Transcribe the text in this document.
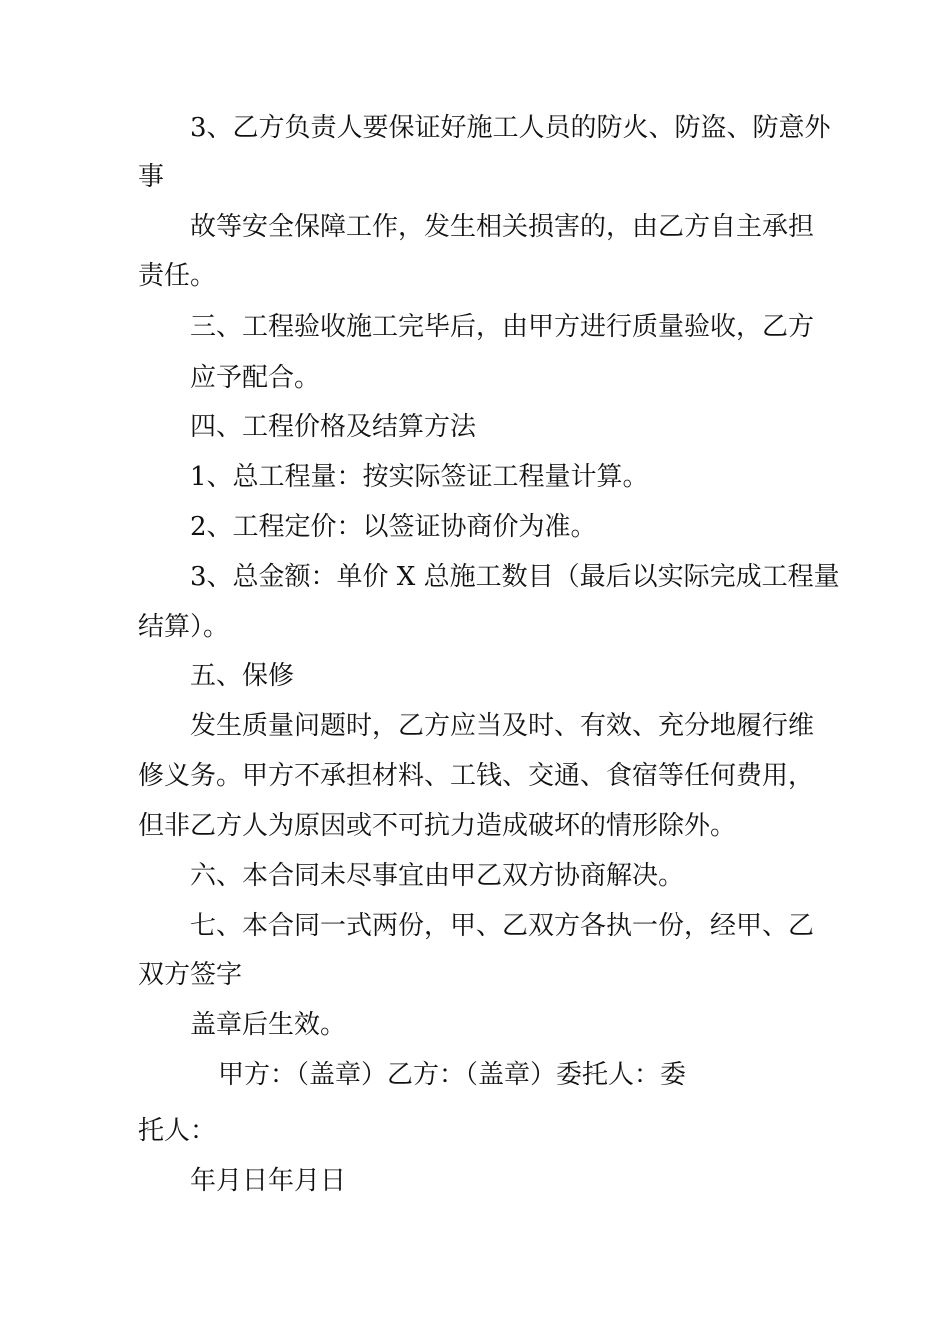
3、乙方负责人要保证好施工人员的防火、防盗、防意外
事
故等安全保障工作，发生相关损害的，由乙方自主承担
责任。
三、工程验收施工完毕后，由甲方进行质量验收，乙方
应予配合。
四、工程价格及结算方法
1、总工程量：按实际签证工程量计算。
2、工程定价：以签证协商价为准。
3、总金额：单价 X 总施工数目（最后以实际完成工程量
结算）。
五、保修
发生质量问题时，乙方应当及时、有效、充分地履行维
修义务。甲方不承担材料、工钱、交通、食宿等任何费用，
但非乙方人为原因或不可抗力造成破坏的情形除外。
六、本合同未尽事宜由甲乙双方协商解决。
七、本合同一式两份，甲、乙双方各执一份，经甲、乙
双方签字
盖章后生效。
甲方：（盖章）乙方：（盖章）委托人：委
托人：
年月日年月日
